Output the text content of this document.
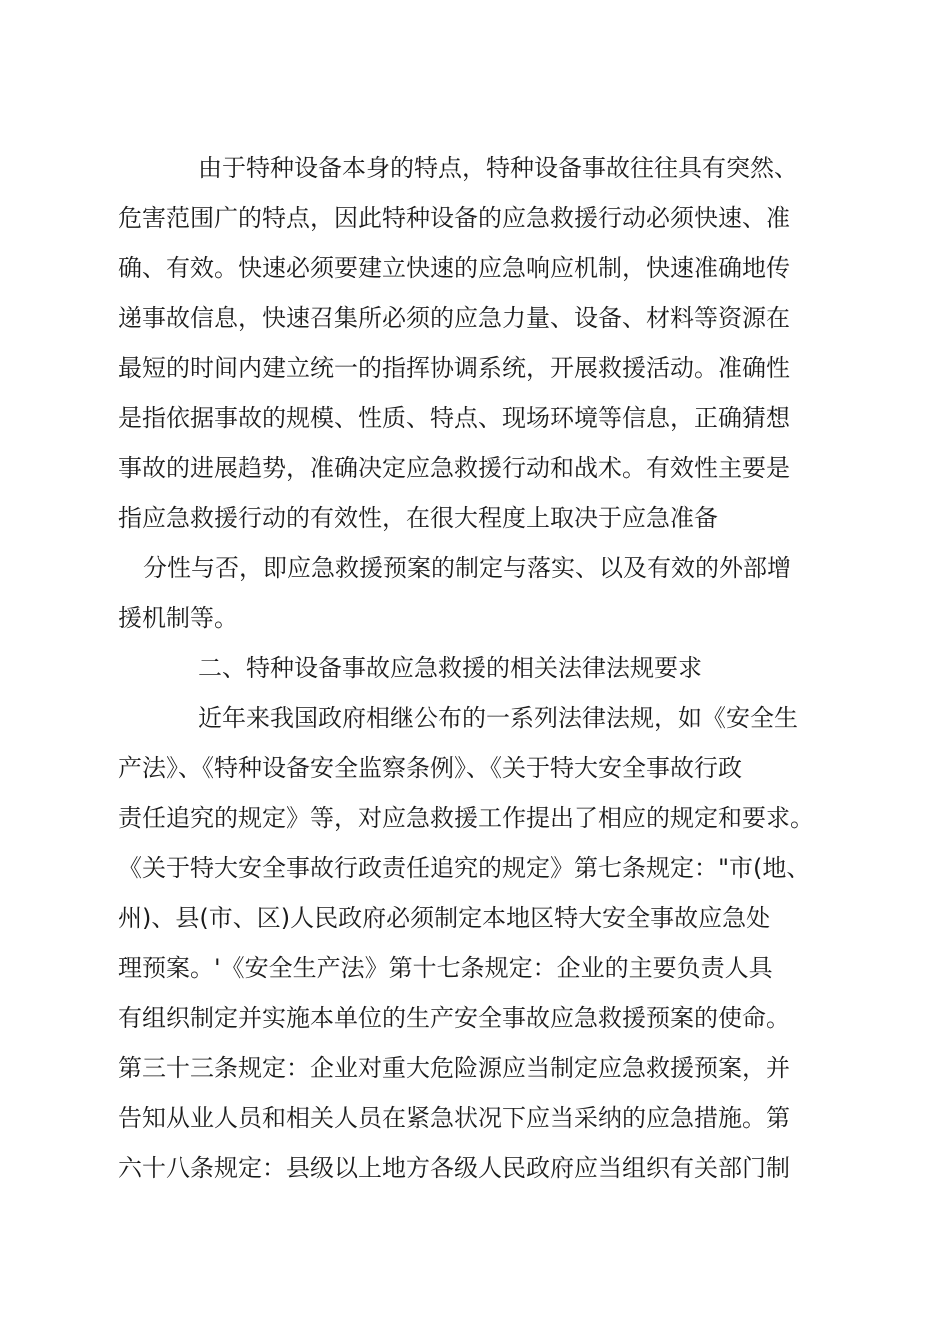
由于特种设备本身的特点，特种设备事故往往具有突然、
危害范围广的特点，因此特种设备的应急救援行动必须快速、准
确、有效。快速必须要建立快速的应急响应机制，快速准确地传
递事故信息，快速召集所必须的应急力量、设备、材料等资源在
最短的时间内建立统一的指挥协调系统，开展救援活动。准确性
是指依据事故的规模、性质、特点、现场环境等信息，正确猜想
事故的进展趋势，准确决定应急救援行动和战术。有效性主要是
指应急救援行动的有效性，在很大程度上取决于应急准备
分性与否，即应急救援预案的制定与落实、以及有效的外部增
援机制等。
二、特种设备事故应急救援的相关法律法规要求
近年来我国政府相继公布的一系列法律法规，如《安全生
产法》、《特种设备安全监察条例》、《关于特大安全事故行政
责任追究的规定》等，对应急救援工作提出了相应的规定和要求。
《关于特大安全事故行政责任追究的规定》第七条规定："市(地、
州)、县(市、区)人民政府必须制定本地区特大安全事故应急处
理预案。'《安全生产法》第十七条规定：企业的主要负责人具
有组织制定并实施本单位的生产安全事故应急救援预案的使命。
第三十三条规定：企业对重大危险源应当制定应急救援预案，并
告知从业人员和相关人员在紧急状况下应当采纳的应急措施。第
六十八条规定：县级以上地方各级人民政府应当组织有关部门制
